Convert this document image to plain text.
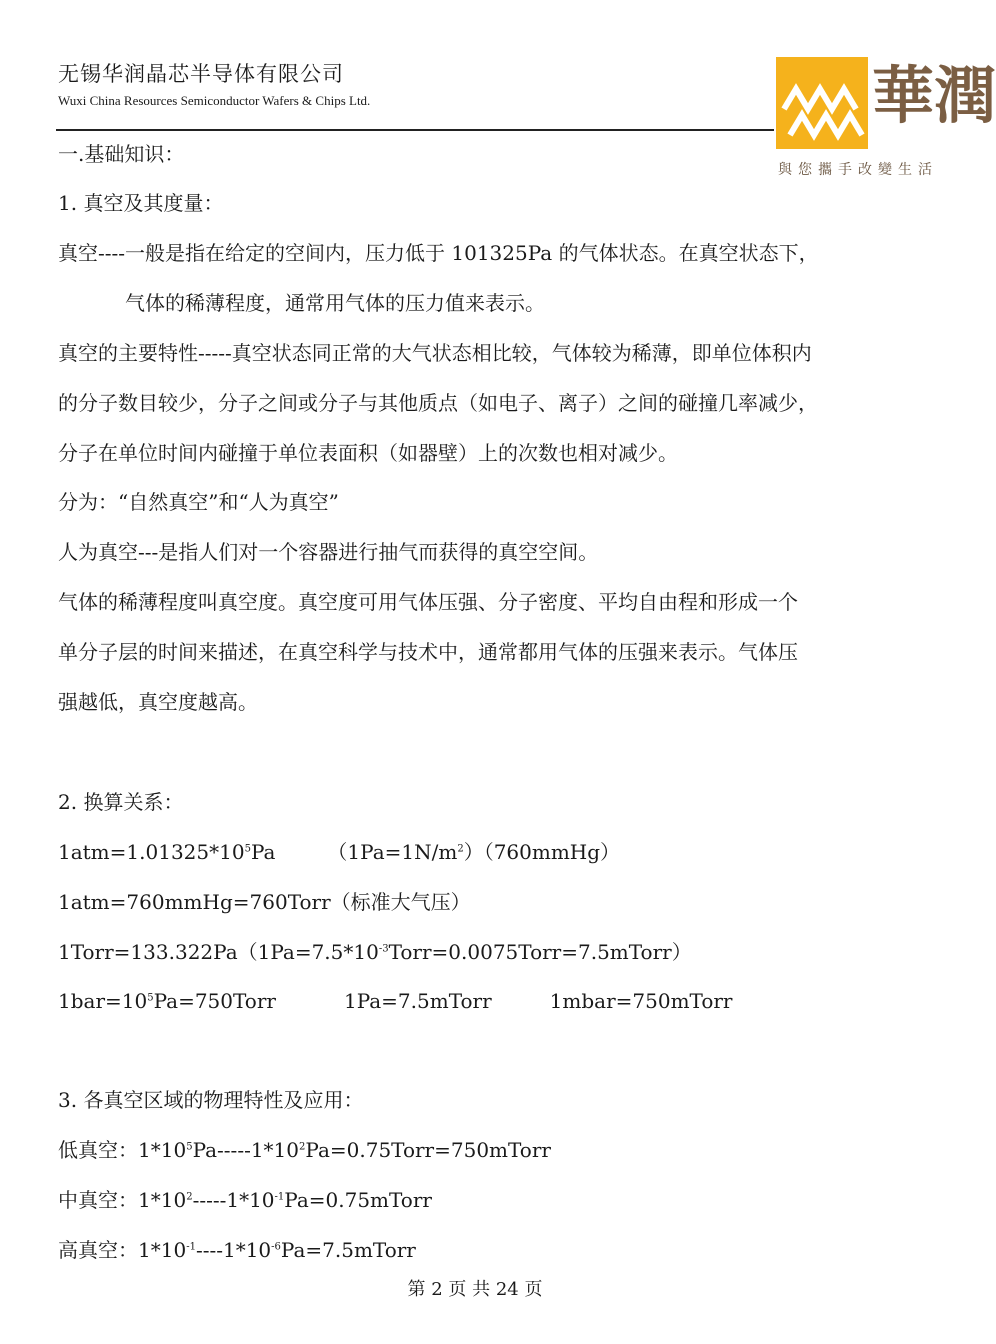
无锡华润晶芯半导体有限公司
Wuxi China Resources Semiconductor Wafers & Chips Ltd.	華潤
與您攜手改變生活
一.基础知识：
1. 真空及其度量：
真空----一般是指在给定的空间内，压力低于 101325Pa 的气体状态。在真空状态下，
气体的稀薄程度，通常用气体的压力值来表示。
真空的主要特性-----真空状态同正常的大气状态相比较，气体较为稀薄，即单位体积内
的分子数目较少，分子之间或分子与其他质点（如电子、离子）之间的碰撞几率减少，
分子在单位时间内碰撞于单位表面积（如器壁）上的次数也相对减少。
分为：“自然真空”和“人为真空”
人为真空---是指人们对一个容器进行抽气而获得的真空空间。
气体的稀薄程度叫真空度。真空度可用气体压强、分子密度、平均自由程和形成一个
单分子层的时间来描述，在真空科学与技术中，通常都用气体的压强来表示。气体压
强越低，真空度越高。
2. 换算关系：
$1atm=1.01325*10^5Pa$	$(1Pa=1N/m^2)(760mmHg)$
1atm=760mmHg=760Torr（标准大气压）
$1Torr=133.322Pa(1Pa=7.5*10^{-3}Torr=0.0075Torr=7.5mTorr)$
$1bar=10^5Pa=750Torr$	1Pa=7.5mTorr	1mbar=750mTorr
3. 各真空区域的物理特性及应用：
低真空：$1*10^5Pa-----1*10^2Pa=0.75Torr=750mTorr$
中真空：$1*10^2-----1*10^{-1}Pa=0.75mTorr$
高真空：$1*10^{-1}----1*10^{-6}Pa=7.5mTorr$
第 2 页 共 24 页
